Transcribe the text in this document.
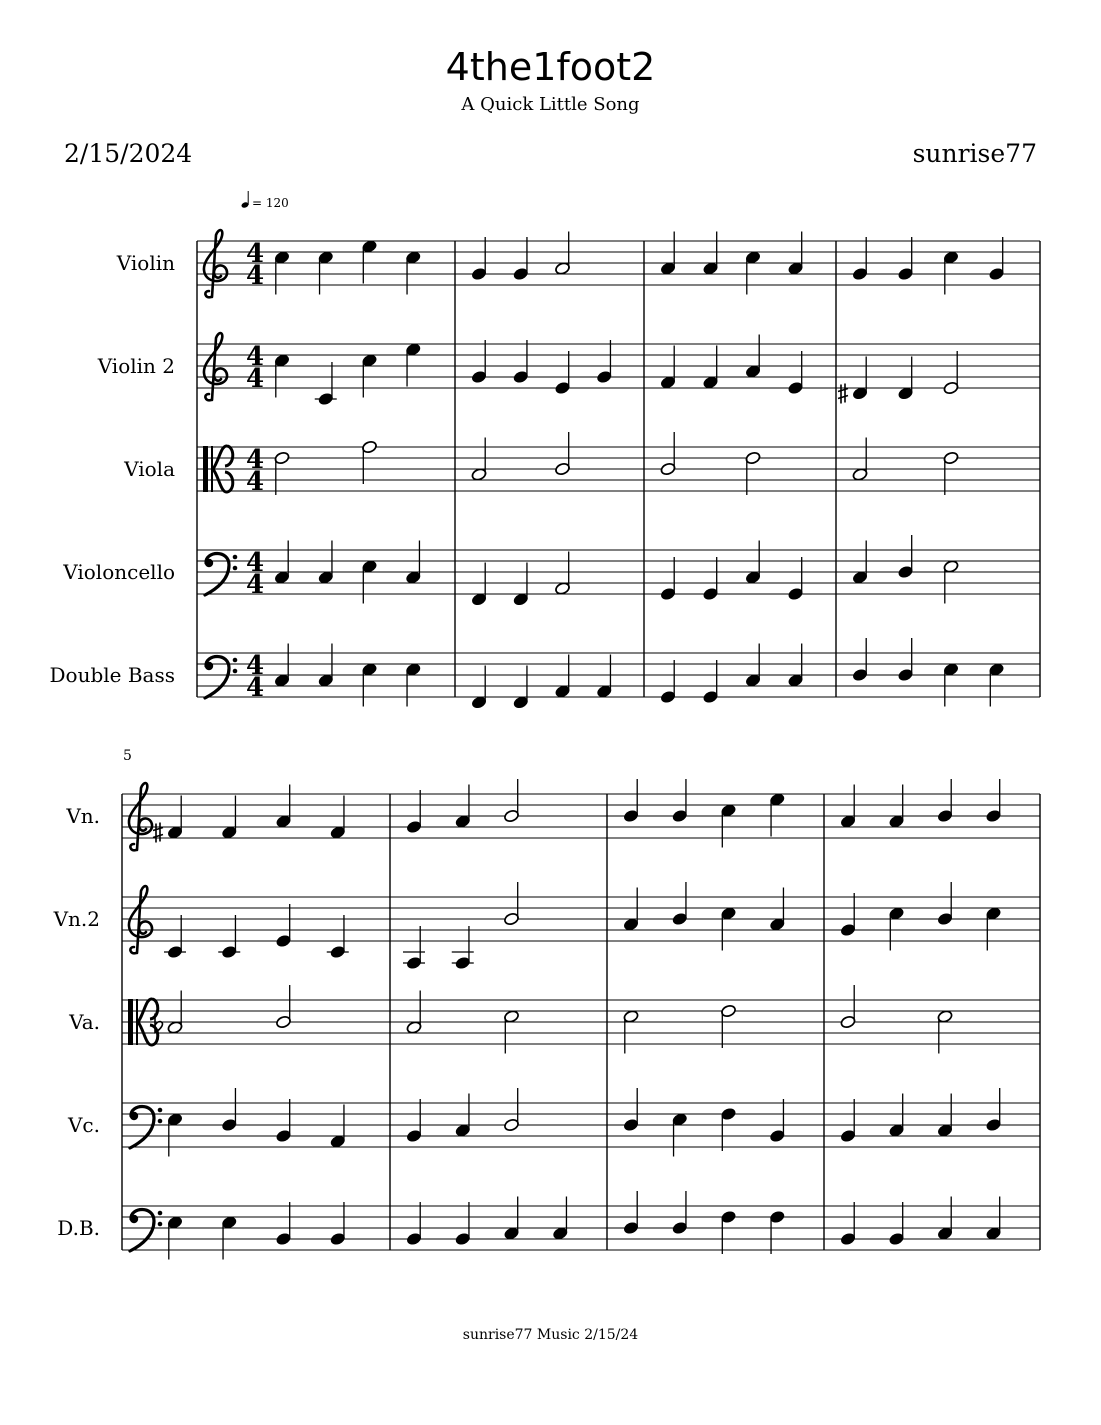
4the1foot2
A Quick Little Song
2/15/2024	sunrise77
= 120
Violin	4
4
Violin 2	4
4
Viola	4
4
Violoncello	4
4
Double Bass	4
4
5
Vn.
Vn.2
Va.
Vc.
D.B.
sunrise77 Music 2/15/24
